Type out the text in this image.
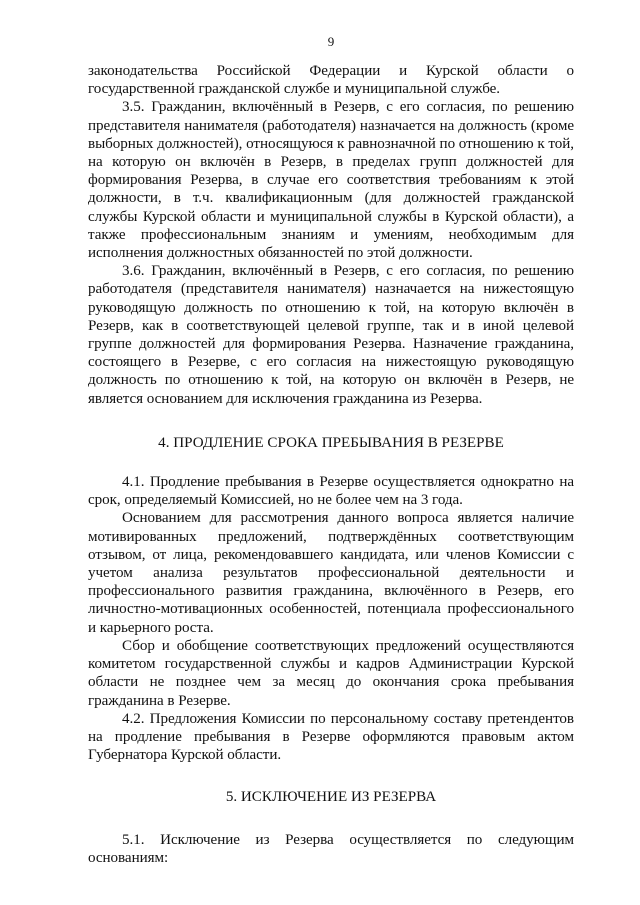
9

законодательства Российской Федерации и Курской области о государственной гражданской службе и муниципальной службе.

3.5. Гражданин, включённый в Резерв, с его согласия, по решению представителя нанимателя (работодателя) назначается на должность (кроме выборных должностей), относящуюся к равнозначной по отношению к той, на которую он включён в Резерв, в пределах групп должностей для формирования Резерва, в случае его соответствия требованиям к этой должности, в т.ч. квалификационным (для должностей гражданской службы Курской области и муниципальной службы в Курской области), а также профессиональным знаниям и умениям, необходимым для исполнения должностных обязанностей по этой должности.

3.6. Гражданин, включённый в Резерв, с его согласия, по решению работодателя (представителя нанимателя) назначается на нижестоящую руководящую должность по отношению к той, на которую включён в Резерв, как в соответствующей целевой группе, так и в иной целевой группе должностей для формирования Резерва. Назначение гражданина, состоящего в Резерве, с его согласия на нижестоящую руководящую должность по отношению к той, на которую он включён в Резерв, не является основанием для исключения гражданина из Резерва.

4. ПРОДЛЕНИЕ СРОКА ПРЕБЫВАНИЯ В РЕЗЕРВЕ

4.1. Продление пребывания в Резерве осуществляется однократно на срок, определяемый Комиссией, но не более чем на 3 года.

Основанием для рассмотрения данного вопроса является наличие мотивированных предложений, подтверждённых соответствующим отзывом, от лица, рекомендовавшего кандидата, или членов Комиссии с учетом анализа результатов профессиональной деятельности и профессионального развития гражданина, включённого в Резерв, его личностно-мотивационных особенностей, потенциала профессионального и карьерного роста.

Сбор и обобщение соответствующих предложений осуществляются комитетом государственной службы и кадров Администрации Курской области не позднее чем за месяц до окончания срока пребывания гражданина в Резерве.

4.2. Предложения Комиссии по персональному составу претендентов на продление пребывания в Резерве оформляются правовым актом Губернатора Курской области.

5. ИСКЛЮЧЕНИЕ ИЗ РЕЗЕРВА

5.1. Исключение из Резерва осуществляется по следующим основаниям:
